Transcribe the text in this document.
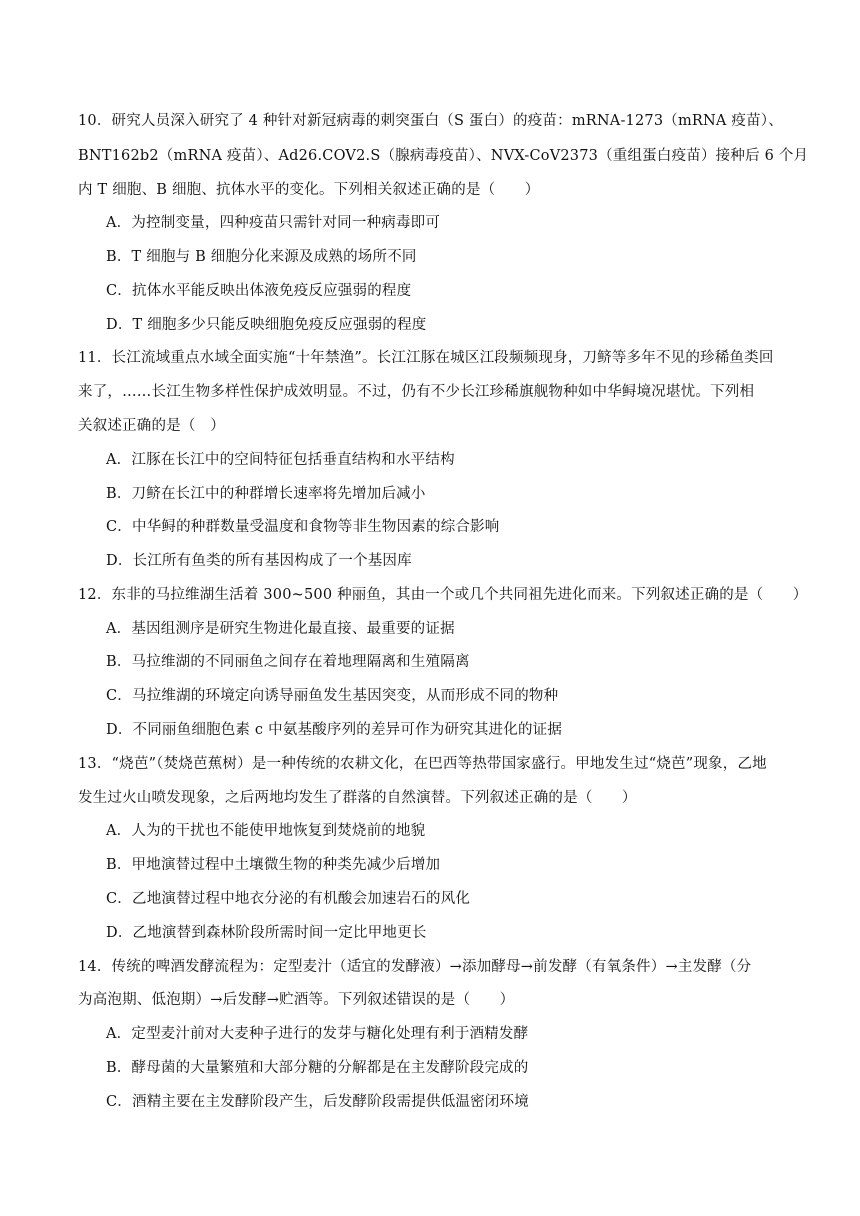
10．研究人员深入研究了 4 种针对新冠病毒的刺突蛋白（S 蛋白）的疫苗：mRNA-1273（mRNA 疫苗）、
BNT162b2（mRNA 疫苗）、Ad26.COV2.S（腺病毒疫苗）、NVX-CoV2373（重组蛋白疫苗）接种后 6 个月
内 T 细胞、B 细胞、抗体水平的变化。下列相关叙述正确的是（　　）
A．为控制变量，四种疫苗只需针对同一种病毒即可
B．T 细胞与 B 细胞分化来源及成熟的场所不同
C．抗体水平能反映出体液免疫反应强弱的程度
D．T 细胞多少只能反映细胞免疫反应强弱的程度
11．长江流域重点水域全面实施“十年禁渔”。长江江豚在城区江段频频现身，刀鲚等多年不见的珍稀鱼类回
来了，……长江生物多样性保护成效明显。不过，仍有不少长江珍稀旗舰物种如中华鲟境况堪忧。下列相
关叙述正确的是（　）
A．江豚在长江中的空间特征包括垂直结构和水平结构
B．刀鲚在长江中的种群增长速率将先增加后减小
C．中华鲟的种群数量受温度和食物等非生物因素的综合影响
D．长江所有鱼类的所有基因构成了一个基因库
12．东非的马拉维湖生活着 300~500 种丽鱼，其由一个或几个共同祖先进化而来。下列叙述正确的是（　　）
A．基因组测序是研究生物进化最直接、最重要的证据
B．马拉维湖的不同丽鱼之间存在着地理隔离和生殖隔离
C．马拉维湖的环境定向诱导丽鱼发生基因突变，从而形成不同的物种
D．不同丽鱼细胞色素 c 中氨基酸序列的差异可作为研究其进化的证据
13．“烧芭”（焚烧芭蕉树）是一种传统的农耕文化，在巴西等热带国家盛行。甲地发生过“烧芭”现象，乙地
发生过火山喷发现象，之后两地均发生了群落的自然演替。下列叙述正确的是（　　）
A．人为的干扰也不能使甲地恢复到焚烧前的地貌
B．甲地演替过程中土壤微生物的种类先减少后增加
C．乙地演替过程中地衣分泌的有机酸会加速岩石的风化
D．乙地演替到森林阶段所需时间一定比甲地更长
14．传统的啤酒发酵流程为：定型麦汁（适宜的发酵液）→添加酵母→前发酵（有氧条件）→主发酵（分
为高泡期、低泡期）→后发酵→贮酒等。下列叙述错误的是（　　）
A．定型麦汁前对大麦种子进行的发芽与糖化处理有利于酒精发酵
B．酵母菌的大量繁殖和大部分糖的分解都是在主发酵阶段完成的
C．酒精主要在主发酵阶段产生，后发酵阶段需提供低温密闭环境
